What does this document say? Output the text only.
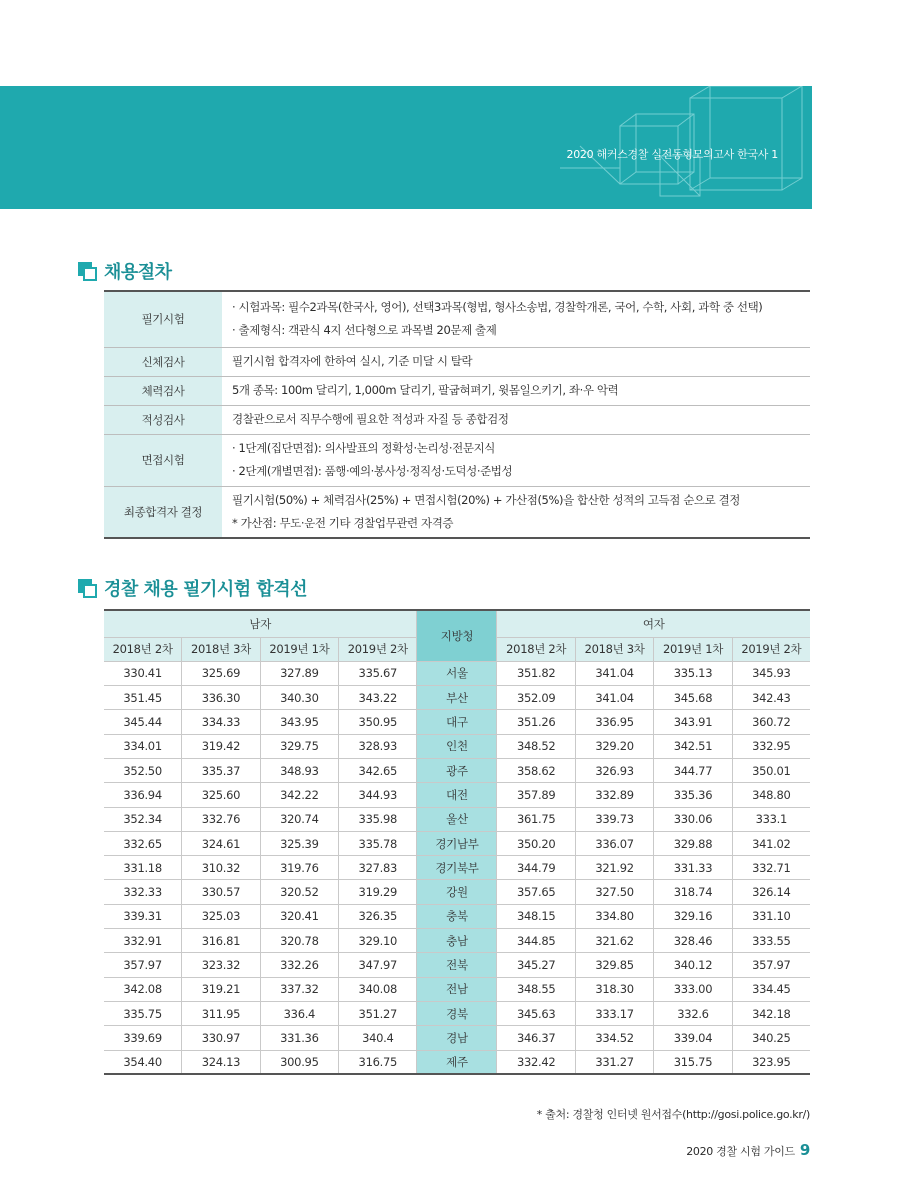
2020 해커스경찰 실전동형모의고사 한국사 1
채용절차
필기시험	· 시험과목: 필수2과목(한국사, 영어), 선택3과목(형법, 형사소송법, 경찰학개론, 국어, 수학, 사회, 과학 중 선택)
· 출제형식: 객관식 4지 선다형으로 과목별 20문제 출제

신체검사	필기시험 합격자에 한하여 실시, 기준 미달 시 탈락

체력검사	5개 종목: 100m 달리기, 1,000m 달리기, 팔굽혀펴기, 윗몸일으키기, 좌·우 악력

적성검사	경찰관으로서 직무수행에 필요한 적성과 자질 등 종합검정

면접시험	· 1단계(집단면접): 의사발표의 정확성·논리성·전문지식
· 2단계(개별면접): 품행·예의·봉사성·정직성·도덕성·준법성

최종합격자 결정	필기시험(50%) + 체력검사(25%) + 면접시험(20%) + 가산점(5%)을 합산한 성적의 고득점 순으로 결정
* 가산점: 무도·운전 기타 경찰업무관련 자격증
경찰 채용 필기시험 합격선
남자				지방청	여자			
2018년 2차	2018년 3차	2019년 1차	2019년 2차		2018년 2차	2018년 3차	2019년 1차	2019년 2차
330.41	325.69	327.89	335.67	서울	351.82	341.04	335.13	345.93
351.45	336.30	340.30	343.22	부산	352.09	341.04	345.68	342.43
345.44	334.33	343.95	350.95	대구	351.26	336.95	343.91	360.72
334.01	319.42	329.75	328.93	인천	348.52	329.20	342.51	332.95
352.50	335.37	348.93	342.65	광주	358.62	326.93	344.77	350.01
336.94	325.60	342.22	344.93	대전	357.89	332.89	335.36	348.80
352.34	332.76	320.74	335.98	울산	361.75	339.73	330.06	333.1
332.65	324.61	325.39	335.78	경기남부	350.20	336.07	329.88	341.02
331.18	310.32	319.76	327.83	경기북부	344.79	321.92	331.33	332.71
332.33	330.57	320.52	319.29	강원	357.65	327.50	318.74	326.14
339.31	325.03	320.41	326.35	충북	348.15	334.80	329.16	331.10
332.91	316.81	320.78	329.10	충남	344.85	321.62	328.46	333.55
357.97	323.32	332.26	347.97	전북	345.27	329.85	340.12	357.97
342.08	319.21	337.32	340.08	전남	348.55	318.30	333.00	334.45
335.75	311.95	336.4	351.27	경북	345.63	333.17	332.6	342.18
339.69	330.97	331.36	340.4	경남	346.37	334.52	339.04	340.25
354.40	324.13	300.95	316.75	제주	332.42	331.27	315.75	323.95
* 출처: 경찰청 인터넷 원서접수(http://gosi.police.go.kr/)
2020 경찰 시험 가이드 9
